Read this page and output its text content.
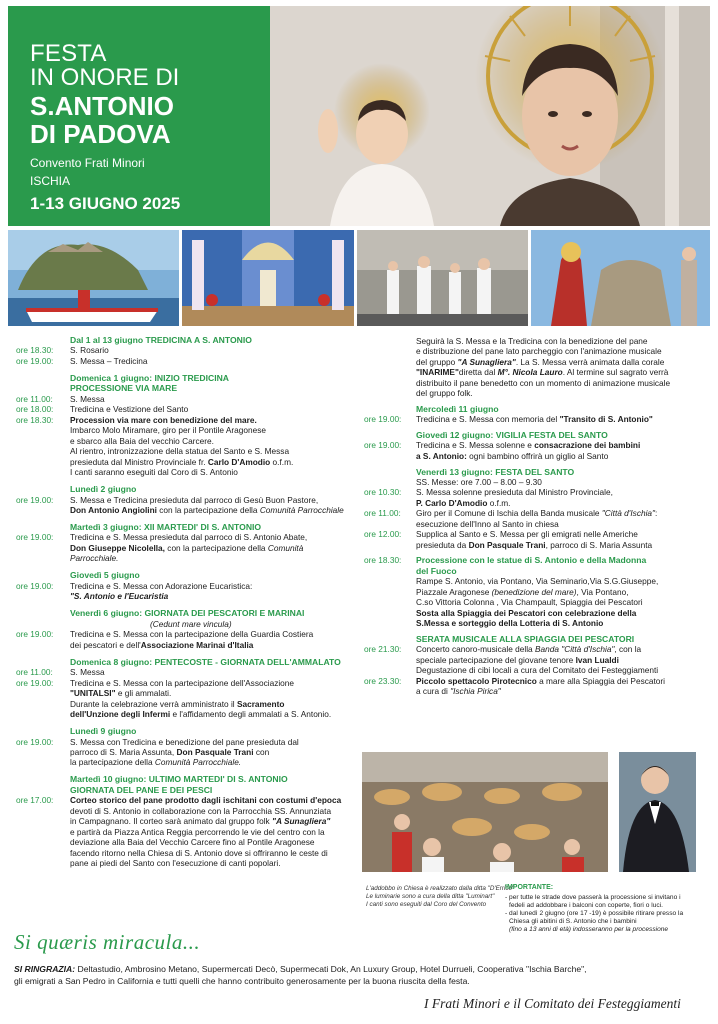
FESTA
IN ONORE DI
S.ANTONIO
DI PADOVA
Convento Frati Minori
ISCHIA
1-13 GIUGNO 2025
Dal 1 al 13 giugno TREDICINA A S. ANTONIO
ore 18.30: S. Rosario
ore 19.00: S. Messa – Tredicina
Domenica 1 giugno: INIZIO TREDICINA
PROCESSIONE VIA MARE
ore 11.00: S. Messa
ore 18.00: Tredicina e Vestizione del Santo
ore 18.30: Procession via mare con benedizione del mare.
Imbarco Molo Miramare, giro per il Pontile Aragonese
e sbarco alla Baia del vecchio Carcere.
Al rientro, intronizzazione della statua del Santo e S. Messa
presieduta dal Ministro Provinciale fr. Carlo D'Amodio o.f.m.
I canti saranno eseguiti dal Coro di S. Antonio
Lunedì 2 giugno
ore 19.00: S. Messa e Tredicina presieduta dal parroco di Gesù Buon Pastore,
Don Antonio Angiolini con la partecipazione della Comunità Parrocchiale
Martedì 3 giugno: XII MARTEDI' DI S. ANTONIO
ore 19.00: Tredicina e S. Messa presieduta dal parroco di S. Antonio Abate,
Don Giuseppe Nicolella, con la partecipazione della Comunità
Parrocchiale.
Giovedì 5 giugno
ore 19.00: Tredicina e S. Messa con Adorazione Eucaristica:
"S. Antonio e l'Eucaristia
Venerdì 6 giugno: GIORNATA DEI PESCATORI E MARINAI
(Cedunt mare vincula)
ore 19.00: Tredicina e S. Messa con la partecipazione della Guardia Costiera
dei pescatori e dell'Associazione Marinai d'Italia
Domenica 8 giugno: PENTECOSTE - GIORNATA DELL'AMMALATO
ore 11.00: S. Messa
ore 19.00: Tredicina e S. Messa con la partecipazione dell'Associazione
"UNITALSI" e gli ammalati.
Durante la celebrazione verrà amministrato il Sacramento
dell'Unzione degli Infermi e l'affidamento degli ammalati a S. Antonio.
Lunedì 9 giugno
ore 19.00: S. Messa con Tredicina e benedizione del pane presieduta dal
parroco di S. Maria Assunta, Don Pasquale Trani con
la partecipazione della Comunità Parrocchiale.
Martedì 10 giugno: ULTIMO MARTEDI' DI S. ANTONIO
GIORNATA DEL PANE E DEI PESCI
ore 17.00: Corteo storico del pane prodotto dagli ischitani con costumi d'epoca
devoti di S. Antonio in collaborazione con la Parrocchia SS. Annunziata
in Campagnano. Il corteo sarà animato dal gruppo folk "A Sunagliera"
e partirà da Piazza Antica Reggia percorrendo le vie del centro con la
deviazione alla Baia del Vecchio Carcere fino al Pontile Aragonese
facendo ritorno nella Chiesa di S. Antonio dove si offriranno le ceste di
pane ai piedi del Santo con l'esecuzione di canti popolari.
Seguirà la S. Messa e la Tredicina con la benedizione del pane
e distribuzione del pane lato parcheggio con l'animazione musicale
del gruppo "A Sunagliera". La S. Messa verrà animata dalla corale
"INARIME"diretta dal M°. Nicola Lauro. Al termine sul sagrato verrà
distribuito il pane benedetto con un momento di animazione musicale
del gruppo folk.
Mercoledì 11 giugno
ore 19.00: Tredicina e S. Messa con memoria del "Transito di S. Antonio"
Giovedì 12 giugno: VIGILIA FESTA DEL SANTO
ore 19.00: Tredicina e S. Messa solenne e consacrazione dei bambini
a S. Antonio: ogni bambino offrirà un giglio al Santo
Venerdì 13 giugno: FESTA DEL SANTO
SS. Messe: ore 7.00 – 8.00 – 9.30
ore 10.30: S. Messa solenne presieduta dal Ministro Provinciale,
P. Carlo D'Amodio o.f.m.
ore 11.00: Giro per il Comune di Ischia della Banda musicale "Città d'Ischia":
esecuzione dell'Inno al Santo in chiesa
ore 12.00: Supplica al Santo e S. Messa per gli emigrati nelle Americhe
presieduta da Don Pasquale Trani, parroco di S. Maria Assunta
ore 18.30: Processione con le statue di S. Antonio e della Madonna
del Fuoco
Rampe S. Antonio, via Pontano, Via Seminario,Via S.G.Giuseppe,
Piazzale Aragonese (benedizione del mare), Via Pontano,
C.so Vittoria Colonna , Via Champault, Spiaggia dei Pescatori
Sosta alla Spiaggia dei Pescatori con celebrazione della
S.Messa e sorteggio della Lotteria di S. Antonio
SERATA MUSICALE ALLA SPIAGGIA DEI PESCATORI
ore 21.30: Concerto canoro-musicale della Banda "Città d'Ischia", con la
speciale partecipazione del giovane tenore Ivan Lualdi
Degustazione di cibi locali a cura del Comitato dei Festeggiamenti
ore 23.30: Piccolo spettacolo Pirotecnico a mare alla Spiaggia dei Pescatori
a cura di "Ischia Pirica"
L'addobbo in Chiesa è realizzato dalla ditta "D'Errico"
Le luminarie sono a cura della ditta "Luminart"
I canti sono eseguiti dal Coro del Convento
IMPORTANTE:
- per tutte le strade dove passerà la processione si invitano i
fedeli ad addobbare i balconi con coperte, fiori o luci.
- dal lunedì 2 giugno (ore 17 -19) è possibile ritirare presso la
Chiesa gli abitini di S. Antonio che i bambini
(fino a 13 anni di età) indosseranno per la processione
Si quæris miracula...
SI RINGRAZIA: Deltastudio, Ambrosino Metano, Supermercati Decò, Supermecati Dok, An Luxury Group, Hotel Durrueli, Cooperativa "Ischia Barche",
gli emigrati a San Pedro in California e tutti quelli che hanno contribuito generosamente per la buona riuscita della festa.
I Frati Minori e il Comitato dei Festeggiamenti
